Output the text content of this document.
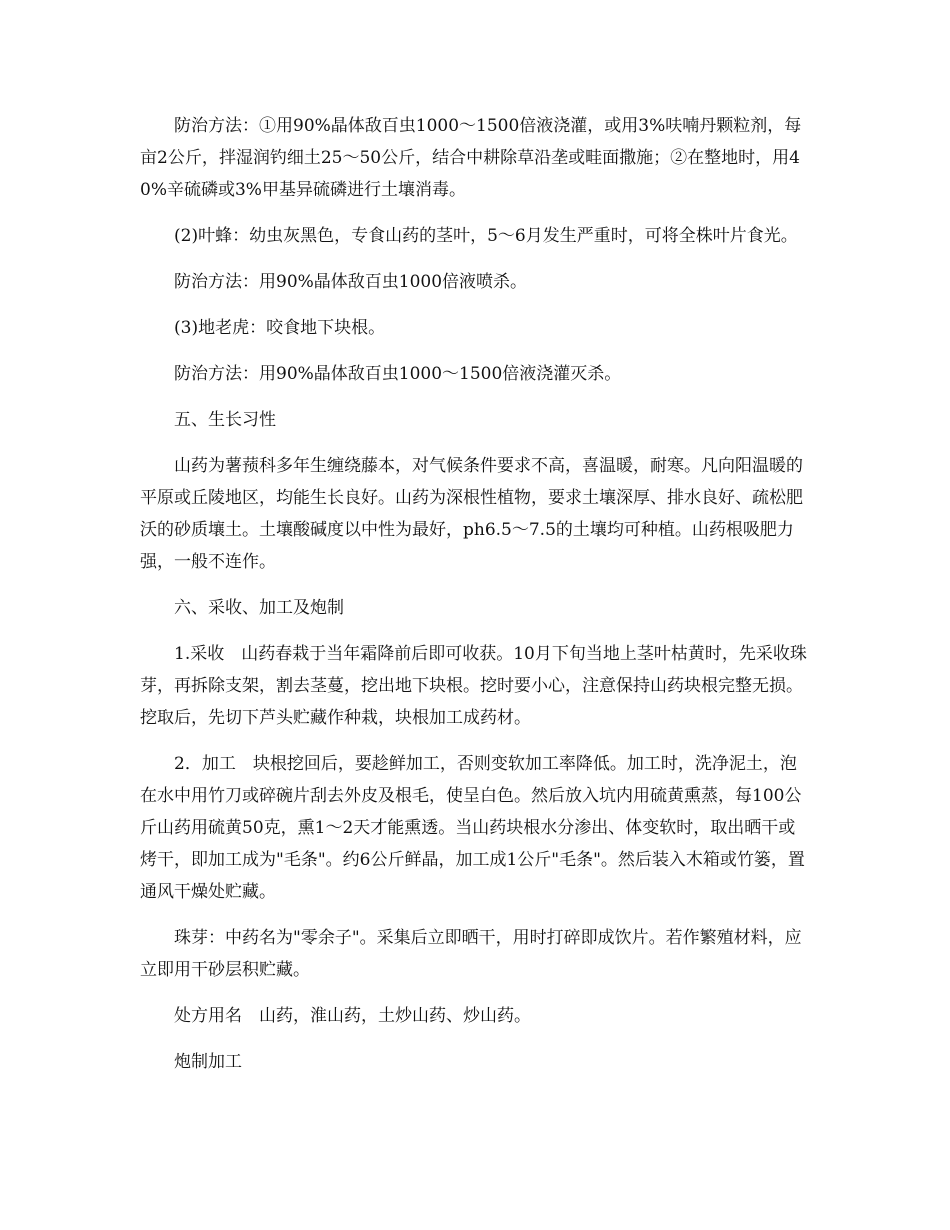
防治方法：①用90%晶体敌百虫1000～1500倍液浇灌，或用3%呋喃丹颗粒剂，每亩2公斤，拌湿润钓细土25～50公斤，结合中耕除草沿垄或畦面撒施；②在整地时，用40%辛硫磷或3%甲基异硫磷进行土壤消毒。

(2)叶蜂：幼虫灰黑色，专食山药的茎叶，5～6月发生严重时，可将全株叶片食光。

防治方法：用90%晶体敌百虫1000倍液喷杀。

(3)地老虎：咬食地下块根。

防治方法：用90%晶体敌百虫1000～1500倍液浇灌灭杀。

五、生长习性

山药为薯蓣科多年生缠绕藤本，对气候条件要求不高，喜温暖，耐寒。凡向阳温暖的平原或丘陵地区，均能生长良好。山药为深根性植物，要求土壤深厚、排水良好、疏松肥沃的砂质壤土。土壤酸碱度以中性为最好，ph6.5～7.5的土壤均可种植。山药根吸肥力强，一般不连作。

六、采收、加工及炮制

1.采收　山药春栽于当年霜降前后即可收获。10月下旬当地上茎叶枯黄时，先采收珠芽，再拆除支架，割去茎蔓，挖出地下块根。挖时要小心，注意保持山药块根完整无损。挖取后，先切下芦头贮藏作种栽，块根加工成药材。

2．加工　块根挖回后，要趁鲜加工，否则变软加工率降低。加工时，洗净泥土，泡在水中用竹刀或碎碗片刮去外皮及根毛，使呈白色。然后放入坑内用硫黄熏蒸，每100公斤山药用硫黄50克，熏1～2天才能熏透。当山药块根水分渗出、体变软时，取出晒干或烤干，即加工成为"毛条"。约6公斤鲜晶，加工成1公斤"毛条"。然后装入木箱或竹篓，置通风干燥处贮藏。

珠芽：中药名为"零余子"。采集后立即晒干，用时打碎即成饮片。若作繁殖材料，应立即用干砂层积贮藏。

处方用名　山药，淮山药，土炒山药、炒山药。

炮制加工
